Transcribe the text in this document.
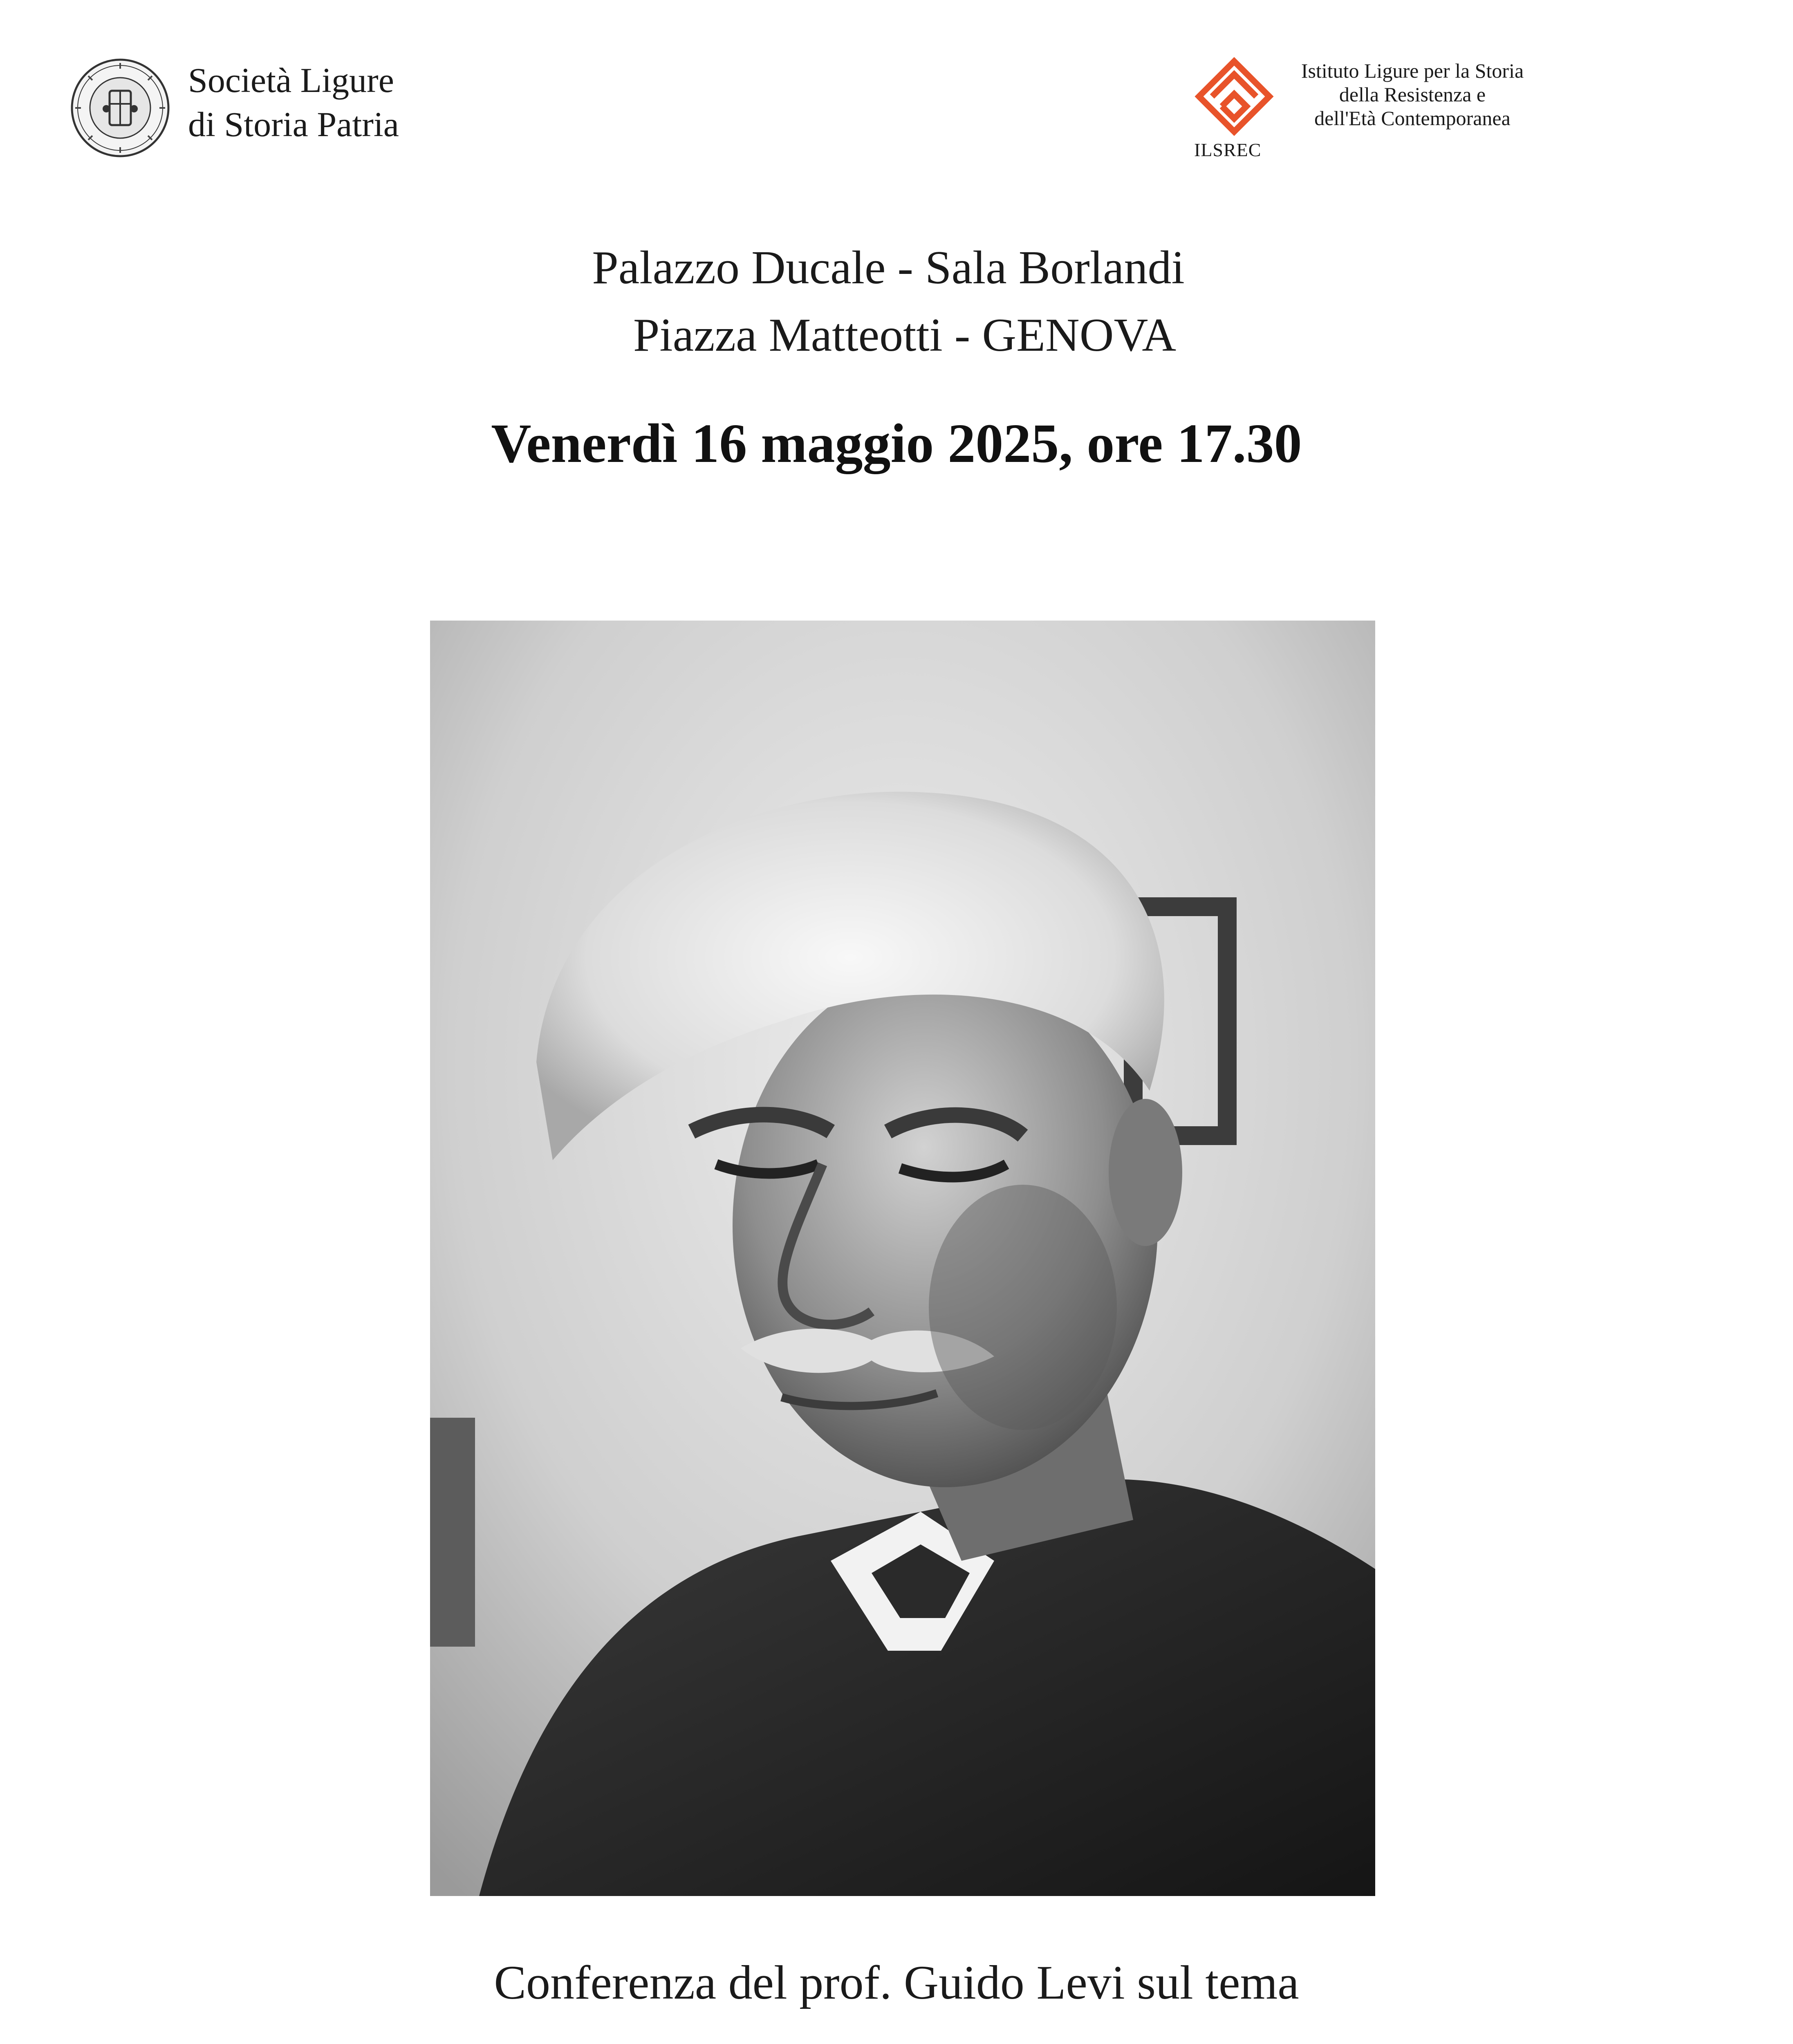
Società Ligure
di Storia Patria
ILSREC
Istituto Ligure per la Storia
della Resistenza e
dell'Età Contemporanea
Palazzo Ducale - Sala Borlandi
Piazza Matteotti - GENOVA
Venerdì 16 maggio 2025, ore 17.30
Conferenza del prof. Guido Levi sul tema
